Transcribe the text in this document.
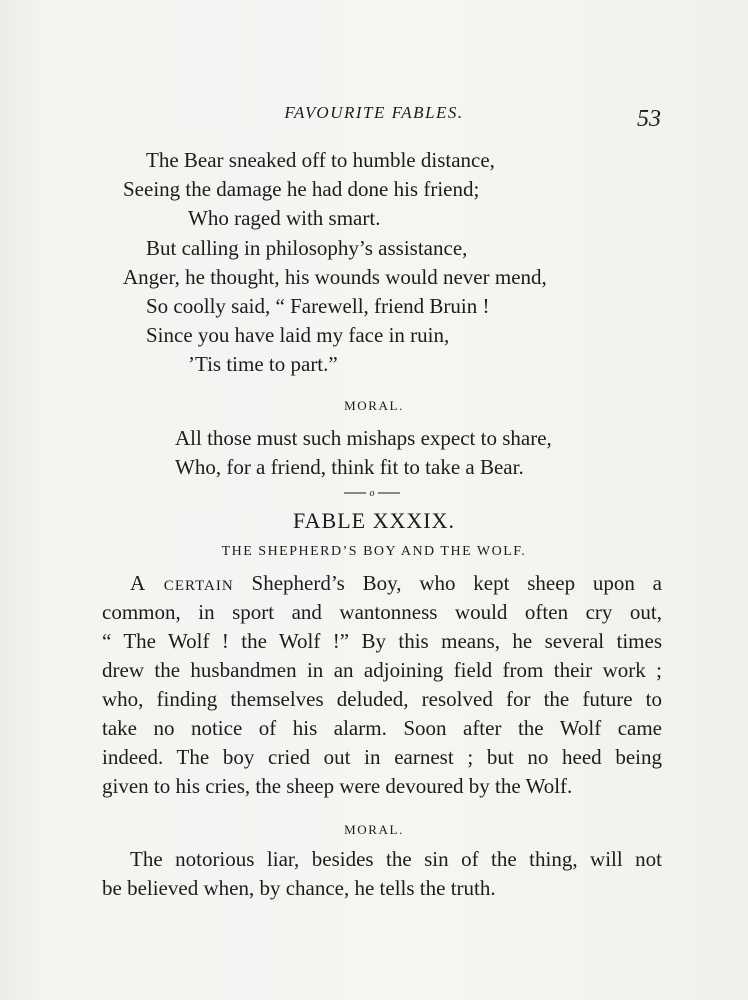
FAVOURITE FABLES.	53
The Bear sneaked off to humble distance,
Seeing the damage he had done his friend;
Who raged with smart.
But calling in philosophy’s assistance,
Anger, he thought, his wounds would never mend,
So coolly said, “ Farewell, friend Bruin !
Since you have laid my face in ruin,
’Tis time to part.”
MORAL.
All those must such mishaps expect to share,
Who, for a friend, think fit to take a Bear.
o
FABLE XXXIX.
THE SHEPHERD’S BOY AND THE WOLF.
A certain Shepherd’s Boy, who kept sheep upon a
common, in sport and wantonness would often cry out,
“ The Wolf ! the Wolf !” By this means, he several times
drew the husbandmen in an adjoining field from their work ;
who, finding themselves deluded, resolved for the future to
take no notice of his alarm. Soon after the Wolf came
indeed. The boy cried out in earnest ; but no heed being
given to his cries, the sheep were devoured by the Wolf.
MORAL.
The notorious liar, besides the sin of the thing, will not
be believed when, by chance, he tells the truth.
